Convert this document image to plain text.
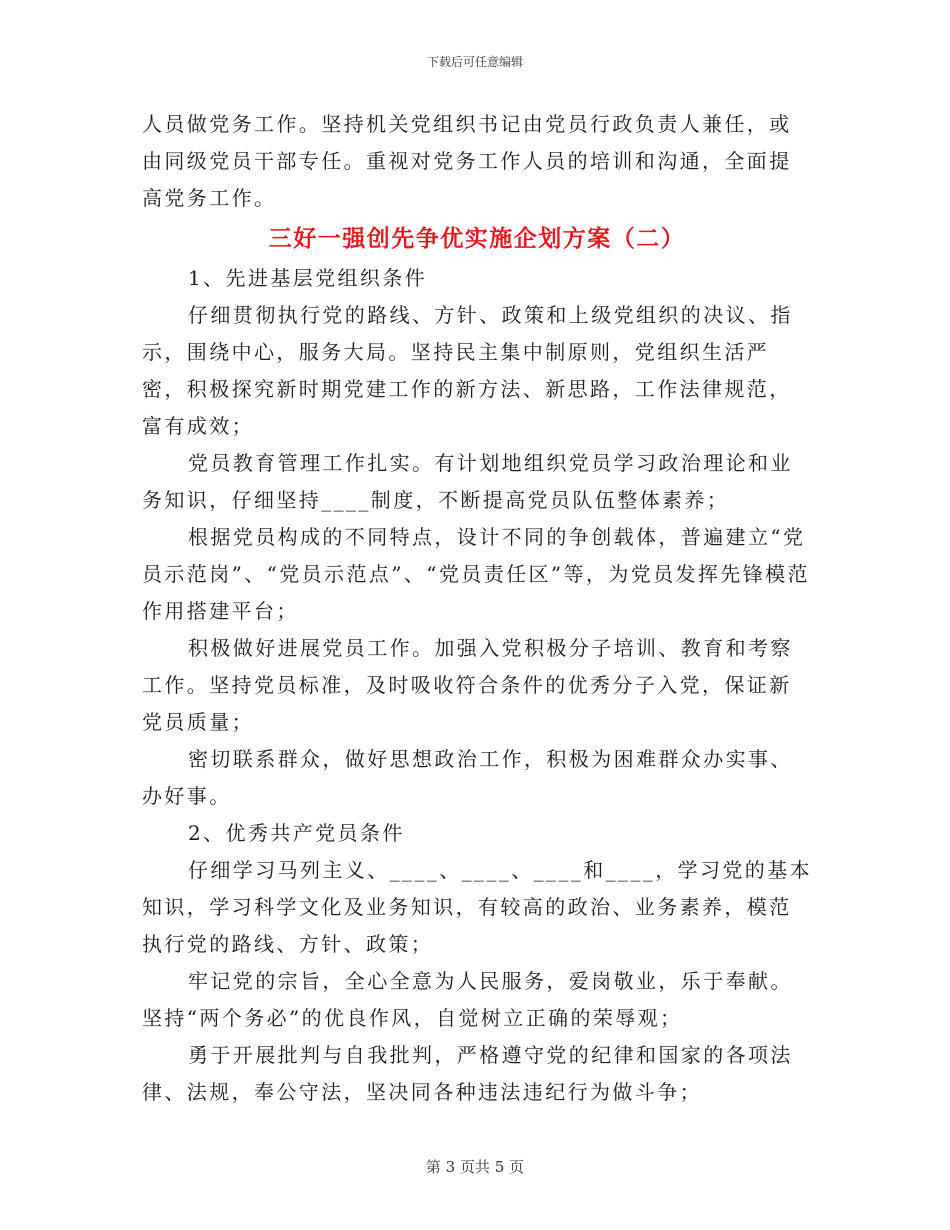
下载后可任意编辑

人员做党务工作。坚持机关党组织书记由党员行政负责人兼任，或由同级党员干部专任。重视对党务工作人员的培训和沟通，全面提高党务工作。

三好一强创先争优实施企划方案（二）

1、先进基层党组织条件

仔细贯彻执行党的路线、方针、政策和上级党组织的决议、指示，围绕中心，服务大局。坚持民主集中制原则，党组织生活严密，积极探究新时期党建工作的新方法、新思路，工作法律规范，富有成效；

党员教育管理工作扎实。有计划地组织党员学习政治理论和业务知识，仔细坚持____制度，不断提高党员队伍整体素养；

根据党员构成的不同特点，设计不同的争创载体，普遍建立“党员示范岗”、“党员示范点”、“党员责任区”等，为党员发挥先锋模范作用搭建平台；

积极做好进展党员工作。加强入党积极分子培训、教育和考察工作。坚持党员标准，及时吸收符合条件的优秀分子入党，保证新党员质量；

密切联系群众，做好思想政治工作，积极为困难群众办实事、办好事。

2、优秀共产党员条件

仔细学习马列主义、____、____、____和____，学习党的基本知识，学习科学文化及业务知识，有较高的政治、业务素养，模范执行党的路线、方针、政策；

牢记党的宗旨，全心全意为人民服务，爱岗敬业，乐于奉献。坚持“两个务必”的优良作风，自觉树立正确的荣辱观；

勇于开展批判与自我批判，严格遵守党的纪律和国家的各项法律、法规，奉公守法，坚决同各种违法违纪行为做斗争；

第 3 页共 5 页
